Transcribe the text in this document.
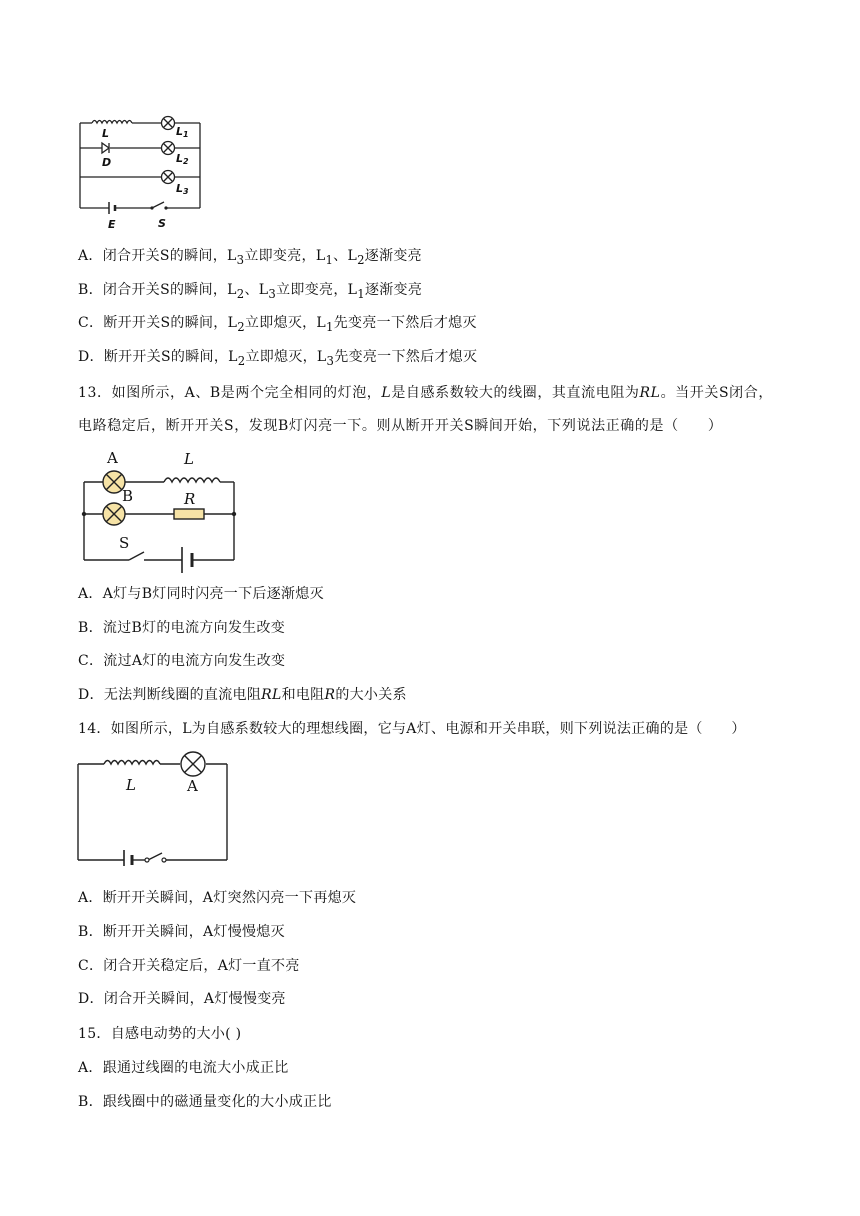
L
D
L1
L2
L3
E	S
A．闭合开关S的瞬间，$L_3$立即变亮，$L_1$、$L_2$逐渐变亮
B．闭合开关S的瞬间，$L_2$、$L_3$立即变亮，$L_1$逐渐变亮
C．断开开关S的瞬间，$L_2$立即熄灭，$L_1$先变亮一下然后才熄灭
D．断开开关S的瞬间，$L_2$立即熄灭，$L_3$先变亮一下然后才熄灭
13．如图所示，A、B是两个完全相同的灯泡，L是自感系数较大的线圈，其直流电阻为RL。当开关S闭合，电路稳定后，断开开关S，发现B灯闪亮一下。则从断开开关S瞬间开始，下列说法正确的是（　　）
A
B
L
R
S
A．A灯与B灯同时闪亮一下后逐渐熄灭
B．流过B灯的电流方向发生改变
C．流过A灯的电流方向发生改变
D．无法判断线圈的直流电阻RL和电阻R的大小关系
14．如图所示，L为自感系数较大的理想线圈，它与A灯、电源和开关串联，则下列说法正确的是（　　）
L	A
A．断开开关瞬间，A灯突然闪亮一下再熄灭
B．断开开关瞬间，A灯慢慢熄灭
C．闭合开关稳定后，A灯一直不亮
D．闭合开关瞬间，A灯慢慢变亮
15．自感电动势的大小( )
A．跟通过线圈的电流大小成正比
B．跟线圈中的磁通量变化的大小成正比
